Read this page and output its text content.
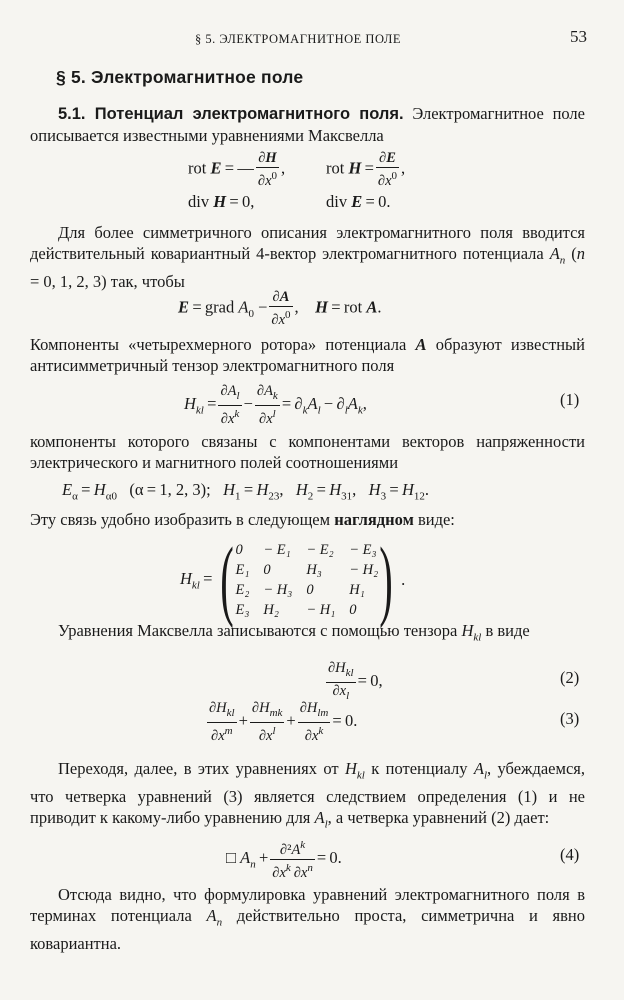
§ 5. ЭЛЕКТРОМАГНИТНОЕ ПОЛЕ	53
§ 5. Электромагнитное поле

5.1. Потенциал электромагнитного поля. Электромагнитное поле описывается известными уравнениями Максвелла

rot E = — $\frac{\partial H}{\partial x^0}$ , rot $H = \frac{\partial E}{\partial x^0}$ ,
div H = 0,	div E = 0.

Для более симметричного описания электромагнитного поля вводится действительный ковариантный 4-вектор электромагнитного потенциала $A_n$ (n = 0, 1, 2, 3) так, чтобы

E = grad $A_0 - \frac{\partial A}{\partial x^0}$ ,    H = rot A.

Компоненты «четырехмерного ротора» потенциала A образуют известный антисимметричный тензор электромагнитного поля

$H_{kl} = \frac{\partial A_l}{\partial x^k} - \frac{\partial A_k}{\partial x^l} = \partial_kA_l - \partial_lA_k$,	(1)

компоненты которого связаны с компонентами векторов напряженности электрического и магнитного полей соотношениями

$E_\alpha = H_{\alpha 0}$   (α = 1, 2, 3);   $H_1 = H_{23}$,   $H_2 = H_{31}$,   $H_3 = H_{12}$.

Эту связь удобно изобразить в следующем наглядном виде:

$H_{kl}$ =( 0	− E₁	− E₂	− E₃
E₁	0	H₃	− H₂
E₂	− H₃	0	H₁
E₃	H₂	− H₁	0 ) .

Уравнения Максвелла записываются с помощью тензора $H_{kl}$ в виде

$\frac{\partial H_{kl}}{\partial x_l} = 0$,	(2)
$\frac{\partial H_{kl}}{\partial x^m} + \frac{\partial H_{mk}}{\partial x^l} + \frac{\partial H_{lm}}{\partial x^k} = 0$.	(3)

Переходя, далее, в этих уравнениях от $H_{kl}$ к потенциалу $A_l$, убеждаемся, что четверка уравнений (3) является следствием определения (1) и не приводит к какому-либо уравнению для $A_l$, а четверка уравнений (2) дает:

□ $A_n + \frac{\partial^2A^k}{\partial x^k \partial x^n} = 0$.	(4)

Отсюда видно, что формулировка уравнений электромагнитного поля в терминах потенциала $A_n$ действительно проста, симметрична и явно ковариантна.
